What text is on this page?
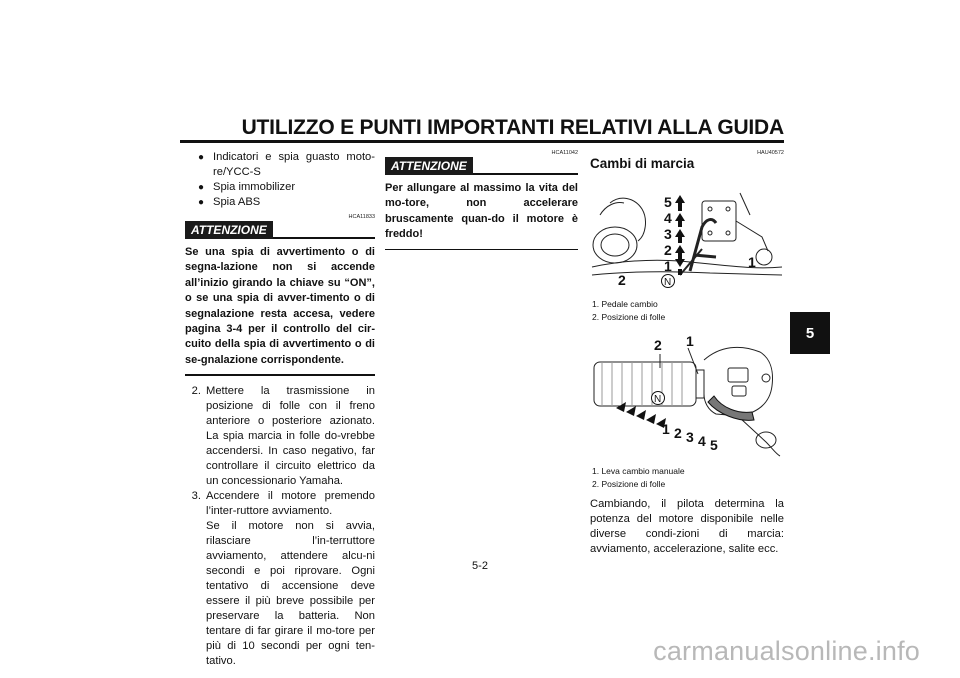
UTILIZZO E PUNTI IMPORTANTI RELATIVI ALLA GUIDA
5
● Indicatori e spia guasto moto-re/YCC-S
● Spia immobilizer
● Spia ABS
HCA11833
ATTENZIONE
Se una spia di avvertimento o di segna-lazione non si accende all’inizio girando la chiave su “ON”, o se una spia di avver-timento o di segnalazione resta accesa, vedere pagina 3-4 per il controllo del cir-cuito della spia di avvertimento o di se-gnalazione corrispondente.
2. Mettere la trasmissione in posizione di folle con il freno anteriore o posteriore azionato. La spia marcia in folle do-vrebbe accendersi. In caso negativo, far controllare il circuito elettrico da un concessionario Yamaha.
3. Accendere il motore premendo l’inter-ruttore avviamento.
Se il motore non si avvia, rilasciare l’in-terruttore avviamento, attendere alcu-ni secondi e poi riprovare. Ogni tentativo di accensione deve essere il più breve possibile per preservare la batteria. Non tentare di far girare il mo-tore per più di 10 secondi per ogni ten-tativo.
HCA11042
ATTENZIONE
Per allungare al massimo la vita del mo-tore, non accelerare bruscamente quan-do il motore è freddo!
HAU40572
Cambi di marcia
5
4
3
2
1	1
2	N
1. Pedale cambio
2. Posizione di folle
2 1
1 2 3 4 5
N
1. Leva cambio manuale
2. Posizione di folle
Cambiando, il pilota determina la potenza del motore disponibile nelle diverse condi-zioni di marcia: avviamento, accelerazione, salite ecc.
5-2
carmanualsonline.info
